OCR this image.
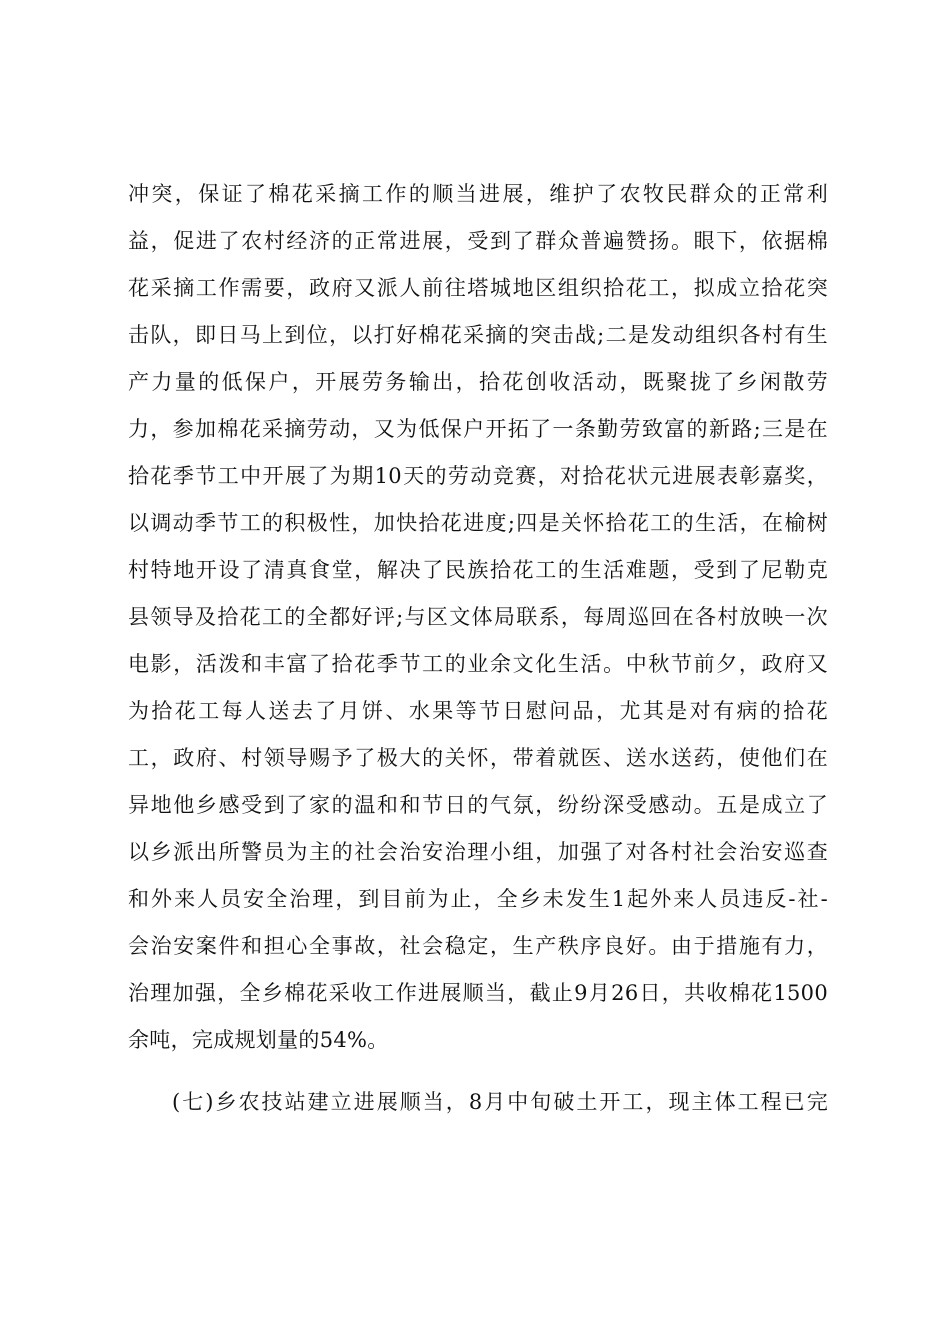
冲突，保证了棉花采摘工作的顺当进展，维护了农牧民群众的正常利
益，促进了农村经济的正常进展，受到了群众普遍赞扬。眼下，依据棉
花采摘工作需要，政府又派人前往塔城地区组织拾花工，拟成立拾花突
击队，即日马上到位，以打好棉花采摘的突击战;二是发动组织各村有生
产力量的低保户，开展劳务输出，拾花创收活动，既聚拢了乡闲散劳
力，参加棉花采摘劳动，又为低保户开拓了一条勤劳致富的新路;三是在
拾花季节工中开展了为期10天的劳动竞赛，对拾花状元进展表彰嘉奖，
以调动季节工的积极性，加快拾花进度;四是关怀拾花工的生活，在榆树
村特地开设了清真食堂，解决了民族拾花工的生活难题，受到了尼勒克
县领导及拾花工的全都好评;与区文体局联系，每周巡回在各村放映一次
电影，活泼和丰富了拾花季节工的业余文化生活。中秋节前夕，政府又
为拾花工每人送去了月饼、水果等节日慰问品，尤其是对有病的拾花
工，政府、村领导赐予了极大的关怀，带着就医、送水送药，使他们在
异地他乡感受到了家的温和和节日的气氛，纷纷深受感动。五是成立了
以乡派出所警员为主的社会治安治理小组，加强了对各村社会治安巡查
和外来人员安全治理，到目前为止，全乡未发生1起外来人员违反-社-
会治安案件和担心全事故，社会稳定，生产秩序良好。由于措施有力，
治理加强，全乡棉花采收工作进展顺当，截止9月26日，共收棉花1500
余吨，完成规划量的54%。
(七)乡农技站建立进展顺当，8月中旬破土开工，现主体工程已完
